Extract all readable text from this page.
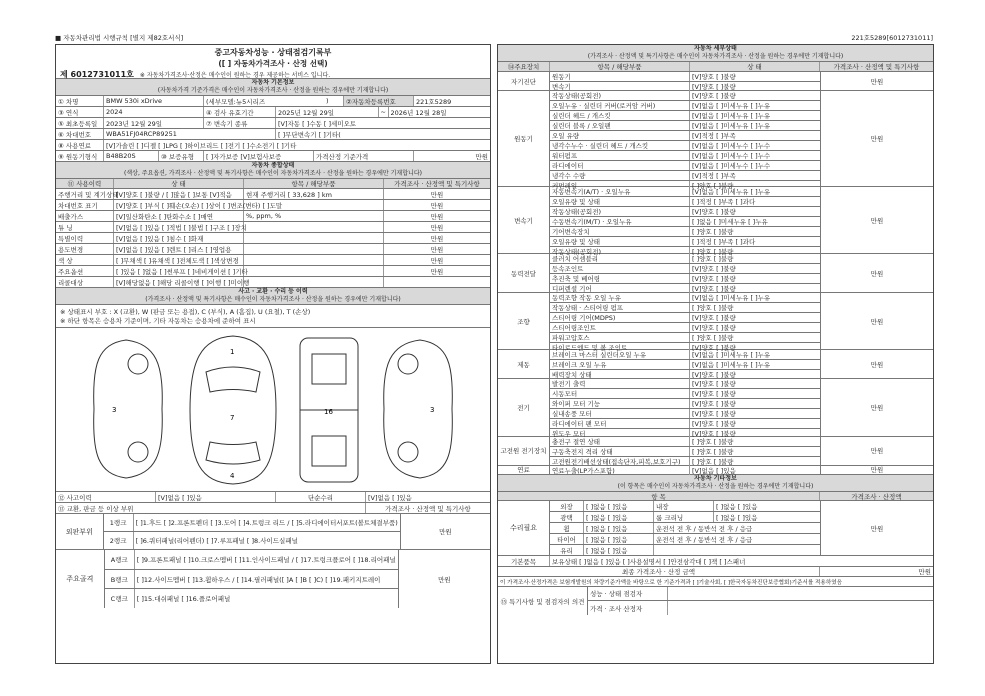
■ 자동차관리법 시행규칙 [별지 제82호서식]	221호5289[6012731011]
중고자동차성능 · 상태점검기록부
([ ] 자동차가격조사 · 산정 선택)
제 6012731011호 ※ 자동차가격조사·산정은 매수인이 원하는 경우 제공하는 서비스 입니다.
자동차 기본정보
(자동차가격 기준가격은 매수인이 자동차가격조사 · 산정을 원하는 경우에만 기재합니다)
① 차명	BMW 530i xDrive	(세부모델:뉴5시리즈	)	②자동차등록번호	221호5289
③ 연식	2024	④ 검사 유효기간	2025년 12월 29일	~ 2026년 12월 28일
⑤ 최초등록일	2023년 12월 29일	⑦ 변속기 종류	[V]자동 [ ]수동 [ ]세미오토
⑥ 차대번호	WBA51FJ04RCP89251	[ ]무단변속기 [ ]기타(
⑧ 사용연료	[V]가솔린 [ ]디젤 [ ]LPG [ ]하이브리드 [ ]전기 [ ]수소전기 [ ]기타
⑨ 원동기형식	B48B20S	⑩ 보증유형	[ ]자가보증 [V]보험사보증	가격산정 기준가격	만원
자동차 종합상태
(색상, 주요옵션, 가격조사 · 산정액 및 특기사항은 매수인이 자동차가격조사 · 산정을 원하는 경우에만 기재합니다)
⑪ 사용이력	상 태	항목 / 해당부품	가격조사 · 산정액 및 특기사항
주행거리 및 계기상태
[V]양호 [ ]불량 / [ ]많음 [ ]보통 [V]적음	현재 주행거리 [ 33,628 ] km	만원
차대번호 표기	[V]양호 [ ]부식 [ ]훼손(오손) [ ]상이 [ ]변조(변타) [ ]도말	만원
배출가스	[V]일산화탄소 [ ]탄화수소 [ ]매연	%, ppm, %	만원
튜 닝	[V]없음 [ ]있음 [ ]적법 [ ]불법 [ ]구조 [ ]장치	만원
특별이력	[V]없음 [ ]있음 [ ]침수 [ ]화재	만원
용도변경	[V]없음 [ ]있음 [ ]렌트 [ ]리스 [ ]영업용	만원
색 상	[ ]무채색 [ ]유채색 [ ]전체도색 [ ]색상변경	만원
주요옵션	[ ]있음 [ ]없음 [ ]썬루프 [ ]네비게이션 [ ]기타	만원
리콜대상	[V]해당없음 [ ]해당 리콜이행 [ ]이행 [ ]미이행
사고 · 교환 · 수리 등 이력
(가격조사 · 산정액 및 특기사항은 매수인이 자동차가격조사 · 산정을 원하는 경우에만 기재합니다)
※ 상태표시 부호 : X (교환), W (판금 또는 용접), C (부식), A (흠집), U (요철), T (손상)
※ 하단 항목은 승용차 기준이며, 기타 자동차는 승용차에 준하여 표시
3
1
7
4
16	3
⑫ 사고이력	[V]없음 [ ]있음	단순수리	[V]없음 [ ]있음
⑬ 교환, 판금 등 이상 부위	가격조사 · 산정액 및 특기사항
외판부위
1랭크	[ ]1.후드 [ ]2.프론트펜더 [ ]3.도어 [ ]4.트렁크 리드 / [ ]5.라디에이터서포트(볼트체결부품)
2랭크	[ ]6.쿼터패널(리어펜더) [ ]7.루프패널 [ ]8.사이드실패널
만원
주요골격
A랭크	[ ]9.프론트패널 [ ]10.크로스멤버 [ ]11.인사이드패널 / [ ]17.트렁크플로어 [ ]18.리어패널
B랭크	[ ]12.사이드멤버 [ ]13.휠하우스 / [ ]14.필러패널([ ]A [ ]B [ ]C) [ ]19.패키지트레이
C랭크	[ ]15.대쉬패널 [ ]16.플로어패널
만원
자동차 세부상태
(가격조사 · 산정액 및 특기사항은 매수인이 자동차가격조사 · 산정을 원하는 경우에만 기재합니다)
⑭주요장치	항목 / 해당부품	상 태	가격조사 · 산정액 및 특기사항
자기진단
원동기	[V]양호 [ ]불량
변속기	[V]양호 [ ]불량
만원
원동기
작동상태(공회전)	[V]양호 [ ]불량
오일누유 · 실린더 커버(로커암 커버)	[V]없음 [ ]미세누유 [ ]누유
실린더 헤드 / 개스킷	[V]없음 [ ]미세누유 [ ]누유
실린더 블록 / 오일팬	[V]없음 [ ]미세누유 [ ]누유
오일 유량	[V]적정 [ ]부족
냉각수누수 · 실린더 헤드 / 개스킷	[V]없음 [ ]미세누수 [ ]누수
워터펌프	[V]없음 [ ]미세누수 [ ]누수
라디에이터	[V]없음 [ ]미세누수 [ ]누수
냉각수 수량	[V]적정 [ ]부족
커먼레일	[ ]양호 [ ]불량
만원
변속기
자동변속기(A/T) · 오일누유	[V]없음 [ ]미세누유 [ ]누유
오일유량 및 상태	[ ]적정 [ ]부족 [ ]과다
작동상태(공회전)	[V]양호 [ ]불량
수동변속기(M/T) · 오일누유	[ ]없음 [ ]미세누유 [ ]누유
기어변속장치	[ ]양호 [ ]불량
오일유량 및 상태	[ ]적정 [ ]부족 [ ]과다
작동상태(공회전)	[ ]양호 [ ]불량
만원
동력전달
클러치 어셈블리	[ ]양호 [ ]불량
등속조인트	[V]양호 [ ]불량
추진축 및 베어링	[V]양호 [ ]불량
디퍼렌셜 기어	[V]양호 [ ]불량
만원
조향
동력조향 작동 오일 누유	[V]없음 [ ]미세누유 [ ]누유
작동상태 · 스티어링 펌프	[ ]양호 [ ]불량
스티어링 기어(MDPS)	[V]양호 [ ]불량
스티어링조인트	[V]양호 [ ]불량
파워고압호스	[ ]양호 [ ]불량
타이로드엔드 및 볼 조인트	[V]양호 [ ]불량
만원
제동
브레이크 마스터 실린더오일 누유	[V]없음 [ ]미세누유 [ ]누유
브레이크 오일 누유	[V]없음 [ ]미세누유 [ ]누유
배력장치 상태	[V]양호 [ ]불량
만원
전기
발전기 출력	[V]양호 [ ]불량
시동모터	[V]양호 [ ]불량
와이퍼 모터 기능	[V]양호 [ ]불량
실내송풍 모터	[V]양호 [ ]불량
라디에이터 팬 모터	[V]양호 [ ]불량
윈도우 모터	[V]양호 [ ]불량
만원
고전원 전기장치
충전구 절연 상태	[ ]양호 [ ]불량
구동축전지 격리 상태	[ ]양호 [ ]불량
고전원전기배선상태(접속단자,피복,보호기구)	[ ]양호 [ ]불량
만원
연료	연료누출(LP가스포함)	[V]없음 [ ]있음	만원
자동차 기타정보
(이 항목은 매수인이 자동차가격조사 · 산정을 원하는 경우에만 기재합니다)
항 목	가격조사 · 산정액
수리필요
외장	[ ]없음 [ ]있음	내장	[ ]없음 [ ]있음
광택	[ ]없음 [ ]있음	룸 크리닝	[ ]없음 [ ]있음
휠	[ ]없음 [ ]있음	운전석 전 후 / 동반석 전 후 / 응급
타이어	[ ]없음 [ ]있음	운전석 전 후 / 동반석 전 후 / 응급
유리	[ ]없음 [ ]있음
만원
기본품목	보유상태 [ ]없음 [ ]있음 [ ]사용설명서 [ ]안전삼각대 [ ]잭 [ ]스패너
최종 가격조사 · 산정 금액	만원
이 가격조사·산정가격은 보험개발원의 차량기준가액을 바탕으로 한 기준가격과 [ ]기술사회, [ ]한국자동차진단보증협회)기준서를 적용하였음
⑮ 특기사항 및 점검자의 의견
성능 · 상태 점검자
가격 · 조사 산정자
